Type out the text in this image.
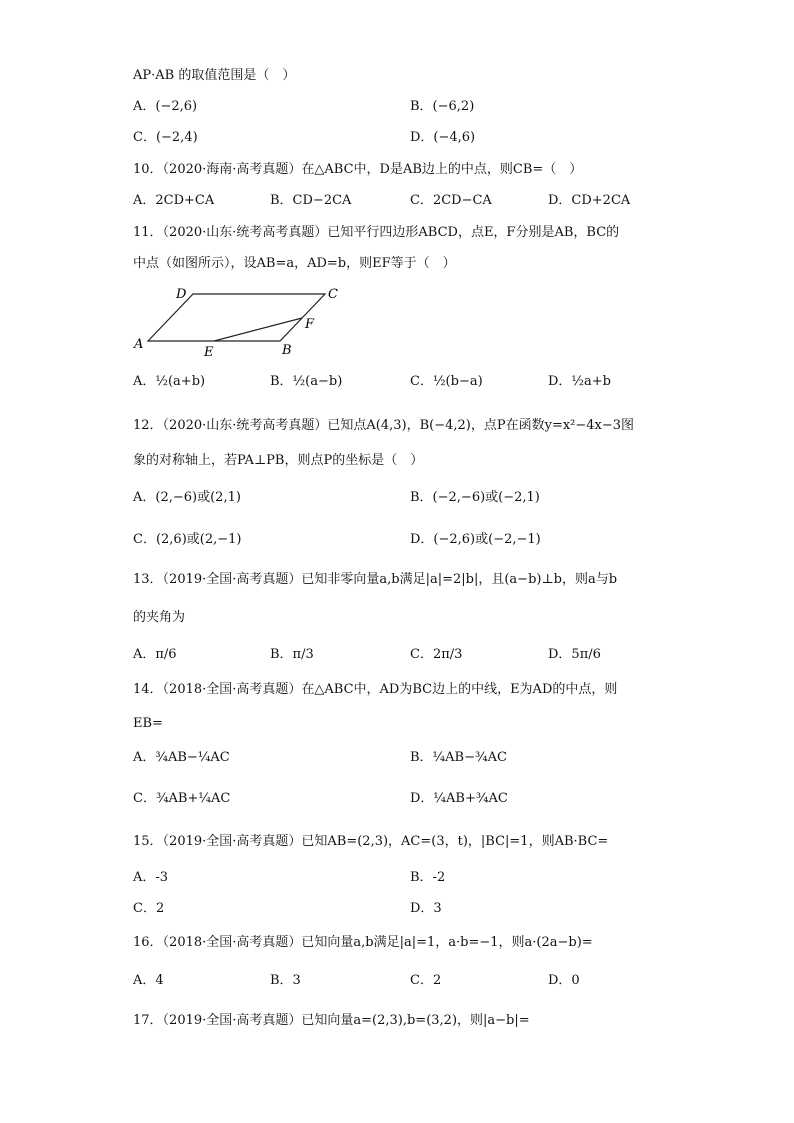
AP·AB 的取值范围是（　）
A．(−2,6)	B．(−6,2)
C．(−2,4)	D．(−4,6)
10．（2020·海南·高考真题）在△ABC中，D是AB边上的中点，则CB=（　）
A．2CD+CA	B．CD−2CA	C．2CD−CA	D．CD+2CA
11．（2020·山东·统考高考真题）已知平行四边形ABCD，点E，F分别是AB，BC的
中点（如图所示），设AB=a，AD=b，则EF等于（　）
A	B
C
D
E
F
A．½(a+b)	B．½(a−b)	C．½(b−a)	D．½a+b
12．（2020·山东·统考高考真题）已知点A(4,3)，B(−4,2)，点P在函数y=x²−4x−3图
象的对称轴上，若PA⊥PB，则点P的坐标是（　）
A．(2,−6)或(2,1)	B．(−2,−6)或(−2,1)
C．(2,6)或(2,−1)	D．(−2,6)或(−2,−1)
13．（2019·全国·高考真题）已知非零向量a,b满足|a|=2|b|，且(a−b)⊥b，则a与b
的夹角为
A．π/6	B．π/3	C．2π/3	D．5π/6
14．（2018·全国·高考真题）在△ABC中，AD为BC边上的中线，E为AD的中点，则
EB=
A．¾AB−¼AC	B．¼AB−¾AC
C．¾AB+¼AC	D．¼AB+¾AC
15．（2019·全国·高考真题）已知AB=(2,3)，AC=(3，t)，|BC|=1，则AB·BC=
A．-3	B．-2
C．2	D．3
16．（2018·全国·高考真题）已知向量a,b满足|a|=1，a·b=−1，则a·(2a−b)=
A．4	B．3	C．2	D．0
17．（2019·全国·高考真题）已知向量a=(2,3),b=(3,2)，则|a−b|=
